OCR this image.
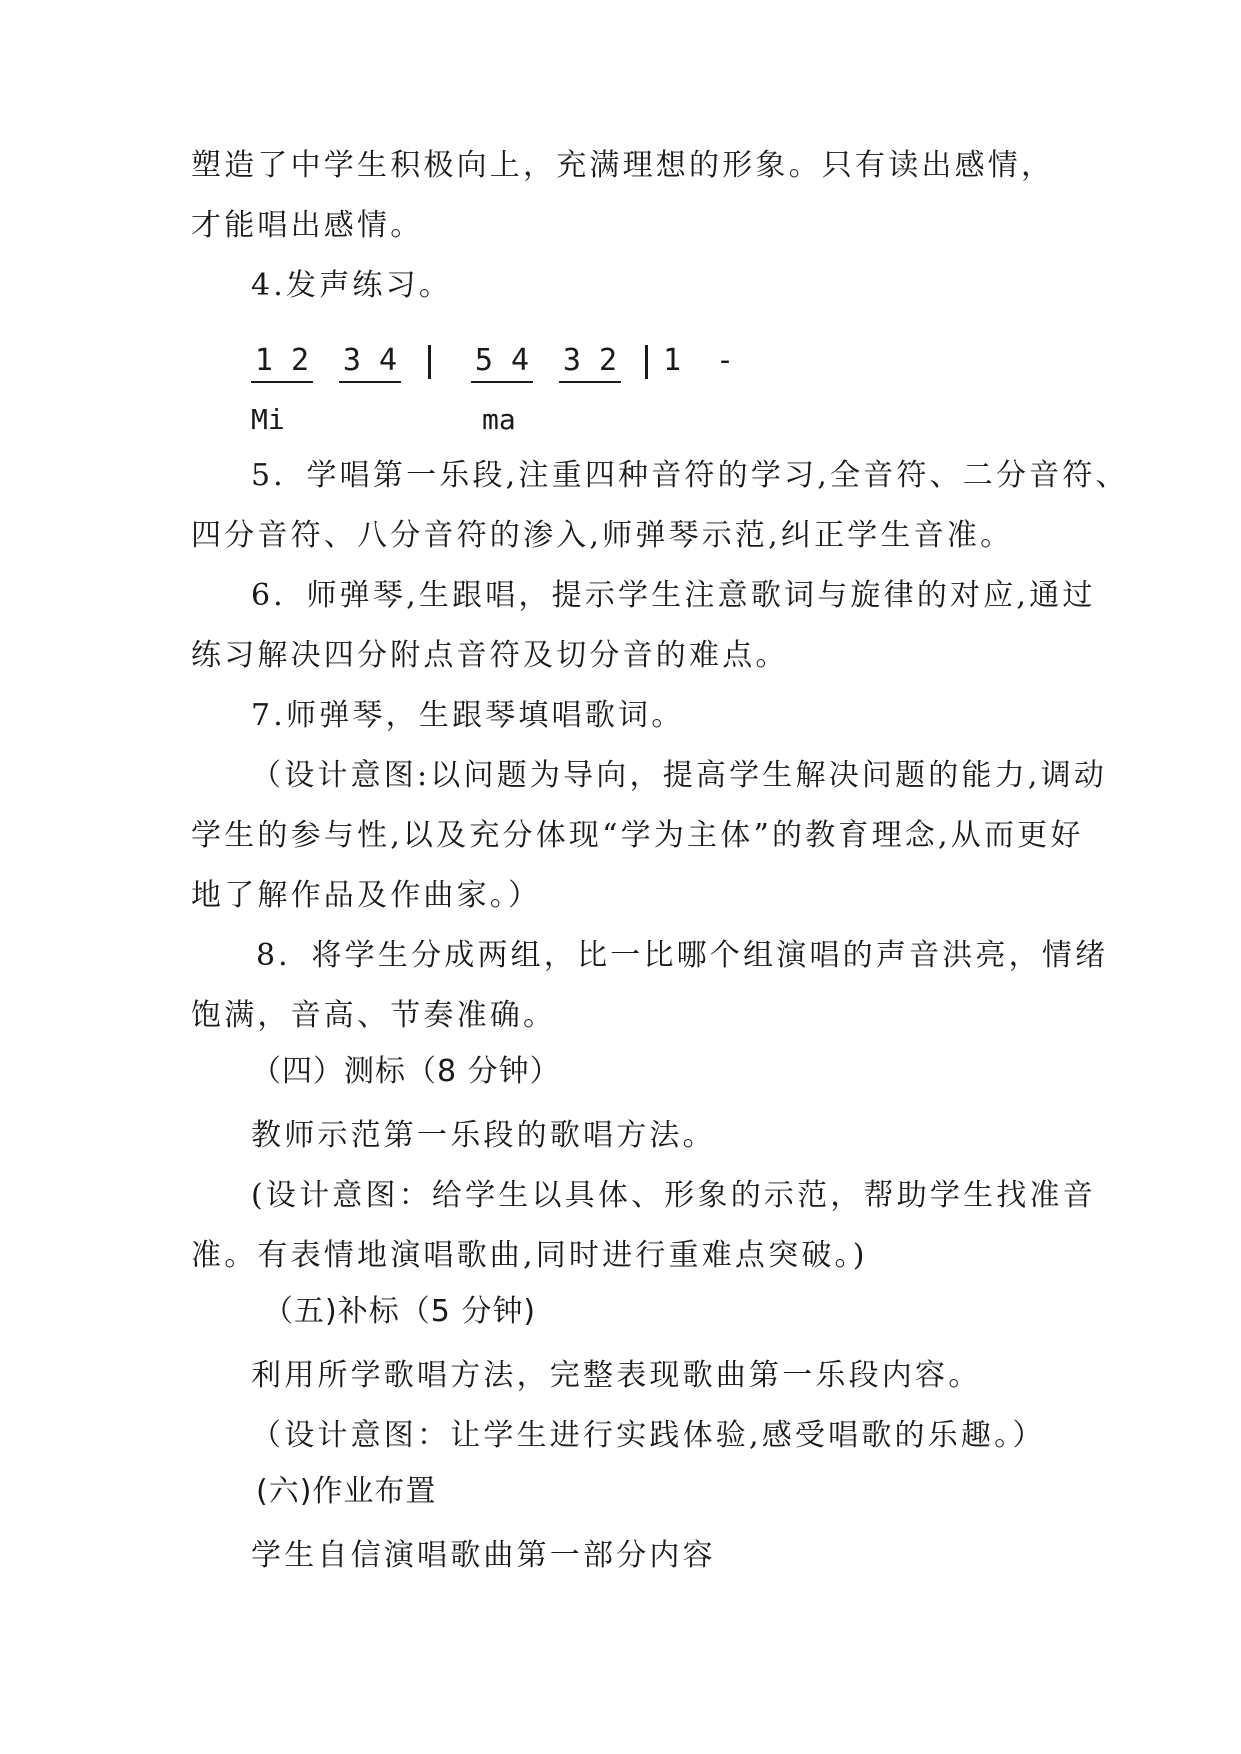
塑造了中学生积极向上，充满理想的形象。只有读出感情，
才能唱出感情。
4.发声练习。
1 2 3 4	5 4 3 2 1 -
Mi	ma
5．学唱第一乐段,注重四种音符的学习,全音符、二分音符、
四分音符、八分音符的渗入,师弹琴示范,纠正学生音准。
6．师弹琴,生跟唱，提示学生注意歌词与旋律的对应,通过
练习解决四分附点音符及切分音的难点。
7.师弹琴，生跟琴填唱歌词。
（设计意图:以问题为导向，提高学生解决问题的能力,调动
学生的参与性,以及充分体现“学为主体”的教育理念,从而更好
地了解作品及作曲家。）
8．将学生分成两组，比一比哪个组演唱的声音洪亮，情绪
饱满，音高、节奏准确。
（四）测标（8 分钟）
教师示范第一乐段的歌唱方法。
(设计意图：给学生以具体、形象的示范，帮助学生找准音
准。有表情地演唱歌曲,同时进行重难点突破。)
（五)补标（5 分钟)
利用所学歌唱方法，完整表现歌曲第一乐段内容。
（设计意图：让学生进行实践体验,感受唱歌的乐趣。）
(六)作业布置
学生自信演唱歌曲第一部分内容
